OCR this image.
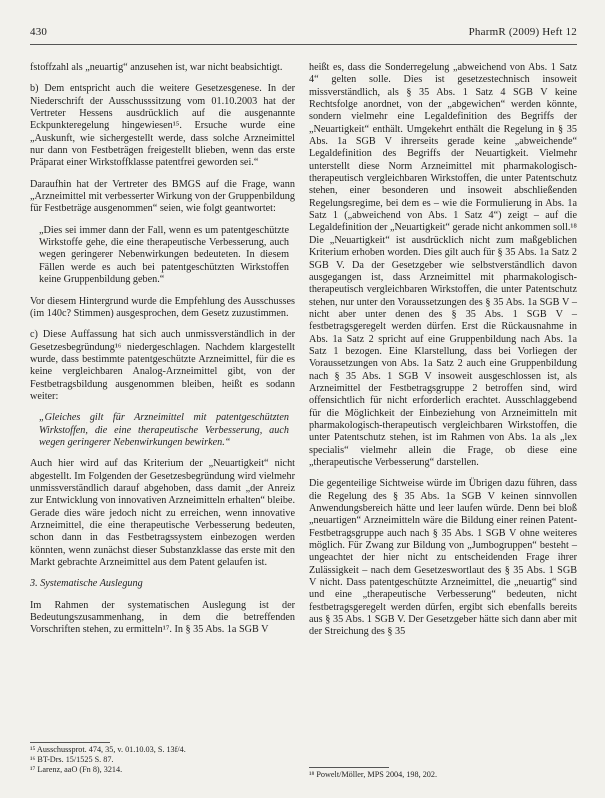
430	PharmR (2009) Heft 12

fstoffzahl als „neuartig“ anzusehen ist, war nicht beabsichtigt.

b) Dem entspricht auch die weitere Gesetzesgenese. In der Niederschrift der Ausschusssitzung vom 01.10.2003 hat der Vertreter Hessens ausdrücklich auf die ausgenannte Eckpunkteregelung hingewiesen¹⁵. Ersuche wurde eine „Auskunft, wie sichergestellt werde, dass solche Arzneimittel nur dann von Festbeträgen freigestellt blieben, wenn das erste Präparat einer Wirkstoffklasse patentfrei geworden sei.“

Daraufhin hat der Vertreter des BMGS auf die Frage, wann „Arzneimittel mit verbesserter Wirkung von der Gruppenbildung für Festbeträge ausgenommen“ seien, wie folgt geantwortet:

„Dies sei immer dann der Fall, wenn es um patentgeschützte Wirkstoffe gehe, die eine therapeutische Verbesserung, auch wegen geringerer Nebenwirkungen bedeuteten. In diesem Fällen werde es auch bei patentgeschützten Wirkstoffen keine Gruppenbildung geben.“

Vor diesem Hintergrund wurde die Empfehlung des Ausschusses (im 140c? Stimmen) ausgesprochen, dem Gesetz zuzustimmen.

c) Diese Auffassung hat sich auch unmissverständlich in der Gesetzesbegründung¹⁶ niedergeschlagen. Nachdem klargestellt wurde, dass bestimmte patentgeschützte Arzneimittel, für die es keine vergleichbaren Analog-Arzneimittel gibt, von der Festbetragsbildung ausgenommen bleiben, heißt es sodann weiter:

„Gleiches gilt für Arzneimittel mit patentgeschützten Wirkstoffen, die eine therapeutische Verbesserung, auch wegen geringerer Nebenwirkungen bewirken.“

Auch hier wird auf das Kriterium der „Neuartigkeit“ nicht abgestellt. Im Folgenden der Gesetzesbegründung wird vielmehr unmissverständlich darauf abgehoben, dass damit „der Anreiz zur Entwicklung von innovativen Arzneimitteln erhalten“ bleibe. Gerade dies wäre jedoch nicht zu erreichen, wenn innovative Arzneimittel, die eine therapeutische Verbesserung bedeuten, schon dann in das Festbetragssystem einbezogen werden könnten, wenn zunächst dieser Substanzklasse das erste mit den Markt gebrachte Arzneimittel aus dem Patent gelaufen ist.

3. Systematische Auslegung

Im Rahmen der systematischen Auslegung ist der Bedeutungszusammenhang, in dem die betreffenden Vorschriften stehen, zu ermitteln¹⁷. In § 35 Abs. 1a SGB V

¹⁵ Ausschussprot. 474, 35, v. 01.10.03, S. 13f/4.
¹⁶ BT-Drs. 15/1525 S. 87.
¹⁷ Larenz, aaO (Fn 8), 3214.

heißt es, dass die Sonderregelung „abweichend von Abs. 1 Satz 4“ gelten solle. Dies ist gesetzestechnisch insoweit missverständlich, als § 35 Abs. 1 Satz 4 SGB V keine Rechtsfolge anordnet, von der „abgewichen“ werden könnte, sondern vielmehr eine Legaldefinition des Begriffs der „Neuartigkeit“ enthält. Umgekehrt enthält die Regelung in § 35 Abs. 1a SGB V ihrerseits gerade keine „abweichende“ Legaldefinition des Begriffs der Neuartigkeit. Vielmehr unterstellt diese Norm Arzneimittel mit pharmakologisch-therapeutisch vergleichbaren Wirkstoffen, die unter Patentschutz stehen, einer besonderen und insoweit abschließenden Regelungsregime, bei dem es – wie die Formulierung in Abs. 1a Satz 1 („abweichend von Abs. 1 Satz 4“) zeigt – auf die Legaldefinition der „Neuartigkeit“ gerade nicht ankommen soll.¹⁸ Die „Neuartigkeit“ ist ausdrücklich nicht zum maßgeblichen Kriterium erhoben worden. Dies gilt auch für § 35 Abs. 1a Satz 2 SGB V. Da der Gesetzgeber wie selbstverständlich davon ausgegangen ist, dass Arzneimittel mit pharmakologisch-therapeutisch vergleichbaren Wirkstoffen, die unter Patentschutz stehen, nur unter den Voraussetzungen des § 35 Abs. 1a SGB V – nicht aber unter denen des § 35 Abs. 1 SGB V – festbetragsgeregelt werden dürfen. Erst die Rückausnahme in Abs. 1a Satz 2 spricht auf eine Gruppenbildung nach Abs. 1a Satz 1 bezogen. Eine Klarstellung, dass bei Vorliegen der Voraussetzungen von Abs. 1a Satz 2 auch eine Gruppenbildung nach § 35 Abs. 1 SGB V insoweit ausgeschlossen ist, als Arzneimittel der Festbetragsgruppe 2 betroffen sind, wird offensichtlich für nicht erforderlich erachtet. Ausschlaggebend für die Möglichkeit der Einbeziehung von Arzneimitteln mit pharmakologisch-therapeutisch vergleichbaren Wirkstoffen, die unter Patentschutz stehen, ist im Rahmen von Abs. 1a als „lex specialis“ vielmehr allein die Frage, ob diese eine „therapeutische Verbesserung“ darstellen.

Die gegenteilige Sichtweise würde im Übrigen dazu führen, dass die Regelung des § 35 Abs. 1a SGB V keinen sinnvollen Anwendungsbereich hätte und leer laufen würde. Denn bei bloß „neuartigen“ Arzneimitteln wäre die Bildung einer reinen Patent-Festbetragsgruppe auch nach § 35 Abs. 1 SGB V ohne weiteres möglich. Für Zwang zur Bildung von „Jumbogruppen“ besteht – ungeachtet der hier nicht zu entscheidenden Frage ihrer Zulässigkeit – nach dem Gesetzeswortlaut des § 35 Abs. 1 SGB V nicht. Dass patentgeschützte Arzneimittel, die „neuartig“ sind und eine „therapeutische Verbesserung“ bedeuten, nicht festbetragsgeregelt werden dürfen, ergibt sich ebenfalls bereits aus § 35 Abs. 1 SGB V. Der Gesetzgeber hätte sich dann aber mit der Streichung des § 35

¹⁸ Powelt/Möller, MPS 2004, 198, 202.
